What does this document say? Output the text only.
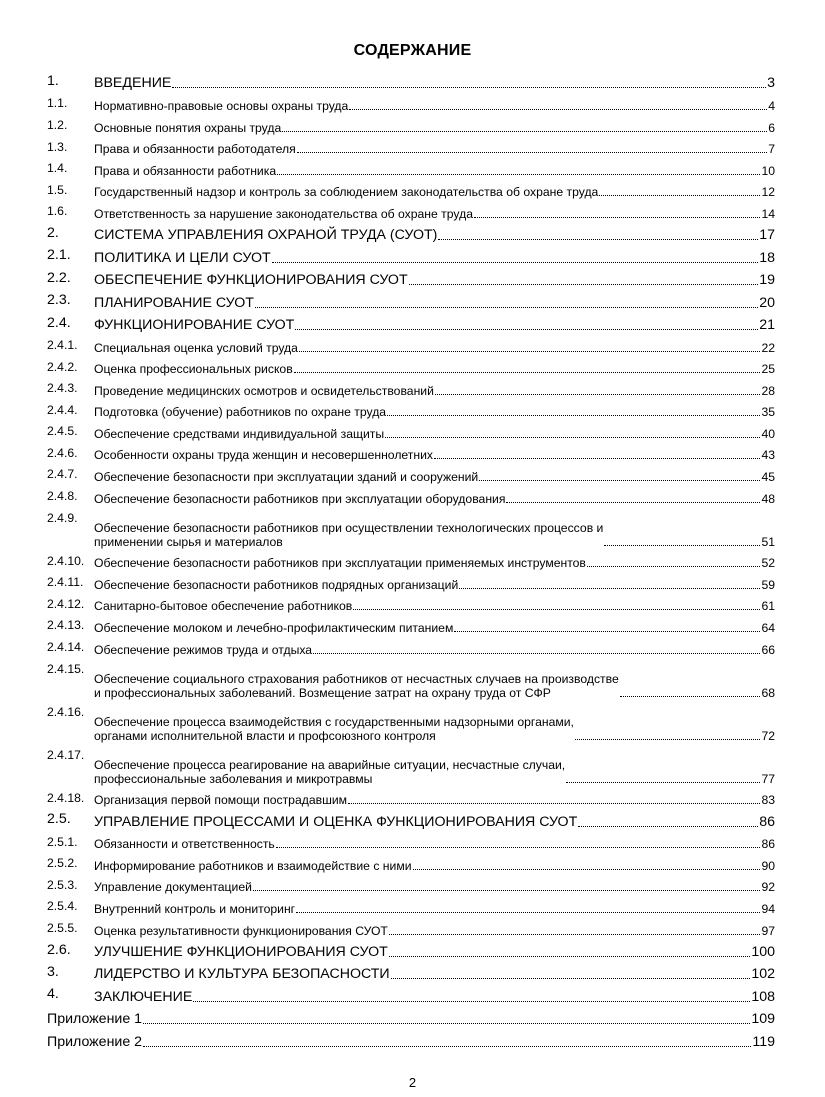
СОДЕРЖАНИЕ
1.	ВВЕДЕНИЕ	3
1.1.	Нормативно-правовые основы охраны труда	4
1.2.	Основные понятия охраны труда	6
1.3.	Права и обязанности работодателя	7
1.4.	Права и обязанности работника	10
1.5.	Государственный надзор и контроль за соблюдением законодательства об охране труда	12
1.6.	Ответственность за нарушение законодательства об охране труда	14
2.	СИСТЕМА УПРАВЛЕНИЯ ОХРАНОЙ ТРУДА (СУОТ)	17
2.1.	ПОЛИТИКА И ЦЕЛИ СУОТ	18
2.2.	ОБЕСПЕЧЕНИЕ ФУНКЦИОНИРОВАНИЯ СУОТ	19
2.3.	ПЛАНИРОВАНИЕ СУОТ	20
2.4.	ФУНКЦИОНИРОВАНИЕ СУОТ	21
2.4.1.	Специальная оценка условий труда	22
2.4.2.	Оценка профессиональных рисков	25
2.4.3.	Проведение медицинских осмотров и освидетельствований	28
2.4.4.	Подготовка (обучение) работников по охране труда	35
2.4.5.	Обеспечение средствами индивидуальной защиты	40
2.4.6.	Особенности охраны труда женщин и несовершеннолетних	43
2.4.7.	Обеспечение безопасности при эксплуатации зданий и сооружений	45
2.4.8.	Обеспечение безопасности работников при эксплуатации оборудования	48
2.4.9.
Обеспечение безопасности работников при осуществлении технологических процессов и
применении сырья и материалов	51
2.4.10. Обеспечение безопасности работников при эксплуатации применяемых инструментов	52
2.4.11. Обеспечение безопасности работников подрядных организаций	59
2.4.12. Санитарно-бытовое обеспечение работников	61
2.4.13. Обеспечение молоком и лечебно-профилактическим питанием	64
2.4.14. Обеспечение режимов труда и отдыха	66
2.4.15.
Обеспечение социального страхования работников от несчастных случаев на производстве
и профессиональных заболеваний. Возмещение затрат на охрану труда от СФР	68
2.4.16.
Обеспечение процесса взаимодействия с государственными надзорными органами,
органами исполнительной власти и профсоюзного контроля	72
2.4.17.
Обеспечение процесса реагирование на аварийные ситуации, несчастные случаи,
профессиональные заболевания и микротравмы	77
2.4.18. Организация первой помощи пострадавшим	83
2.5.	УПРАВЛЕНИЕ ПРОЦЕССАМИ И ОЦЕНКА ФУНКЦИОНИРОВАНИЯ СУОТ	86
2.5.1.	Обязанности и ответственность	86
2.5.2.	Информирование работников и взаимодействие с ними	90
2.5.3.	Управление документацией	92
2.5.4.	Внутренний контроль и мониторинг	94
2.5.5.	Оценка результативности функционирования СУОТ	97
2.6.	УЛУЧШЕНИЕ ФУНКЦИОНИРОВАНИЯ СУОТ	100
3.	ЛИДЕРСТВО И КУЛЬТУРА БЕЗОПАСНОСТИ	102
4.	ЗАКЛЮЧЕНИЕ	108
Приложение 1	109
Приложение 2	119
2
